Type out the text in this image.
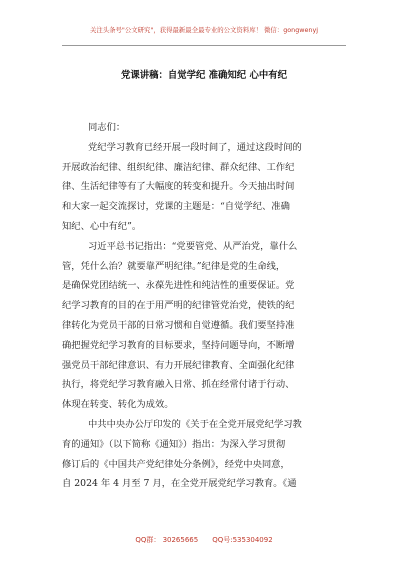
关注头条号"公文研究"，获得最新最全最专业的公文资料库！ 微信：gongwenyj
党课讲稿：自觉学纪 准确知纪 心中有纪
同志们：
党纪学习教育已经开展一段时间了，通过这段时间的
开展政治纪律、组织纪律、廉洁纪律、群众纪律、工作纪
律、生活纪律等有了大幅度的转变和提升。今天抽出时间
和大家一起交流探讨，党课的主题是：“自觉学纪、准确
知纪、心中有纪”。
习近平总书记指出：“党要管党、从严治党，靠什么
管，凭什么治？就要靠严明纪律。”纪律是党的生命线，
是确保党团结统一、永葆先进性和纯洁性的重要保证。党
纪学习教育的目的在于用严明的纪律管党治党，使铁的纪
律转化为党员干部的日常习惯和自觉遵循。我们要坚持准
确把握党纪学习教育的目标要求，坚持问题导向，不断增
强党员干部纪律意识、有力开展纪律教育、全面强化纪律
执行，将党纪学习教育融入日常、抓在经常付诸于行动、
体现在转变、转化为成效。
中共中央办公厅印发的《关于在全党开展党纪学习教
育的通知》（以下简称《通知》）指出：为深入学习贯彻
修订后的《中国共产党纪律处分条例》，经党中央同意，
自 2024 年 4 月至 7 月，在全党开展党纪学习教育。《通
QQ群： 30265665　　QQ号:535304092
